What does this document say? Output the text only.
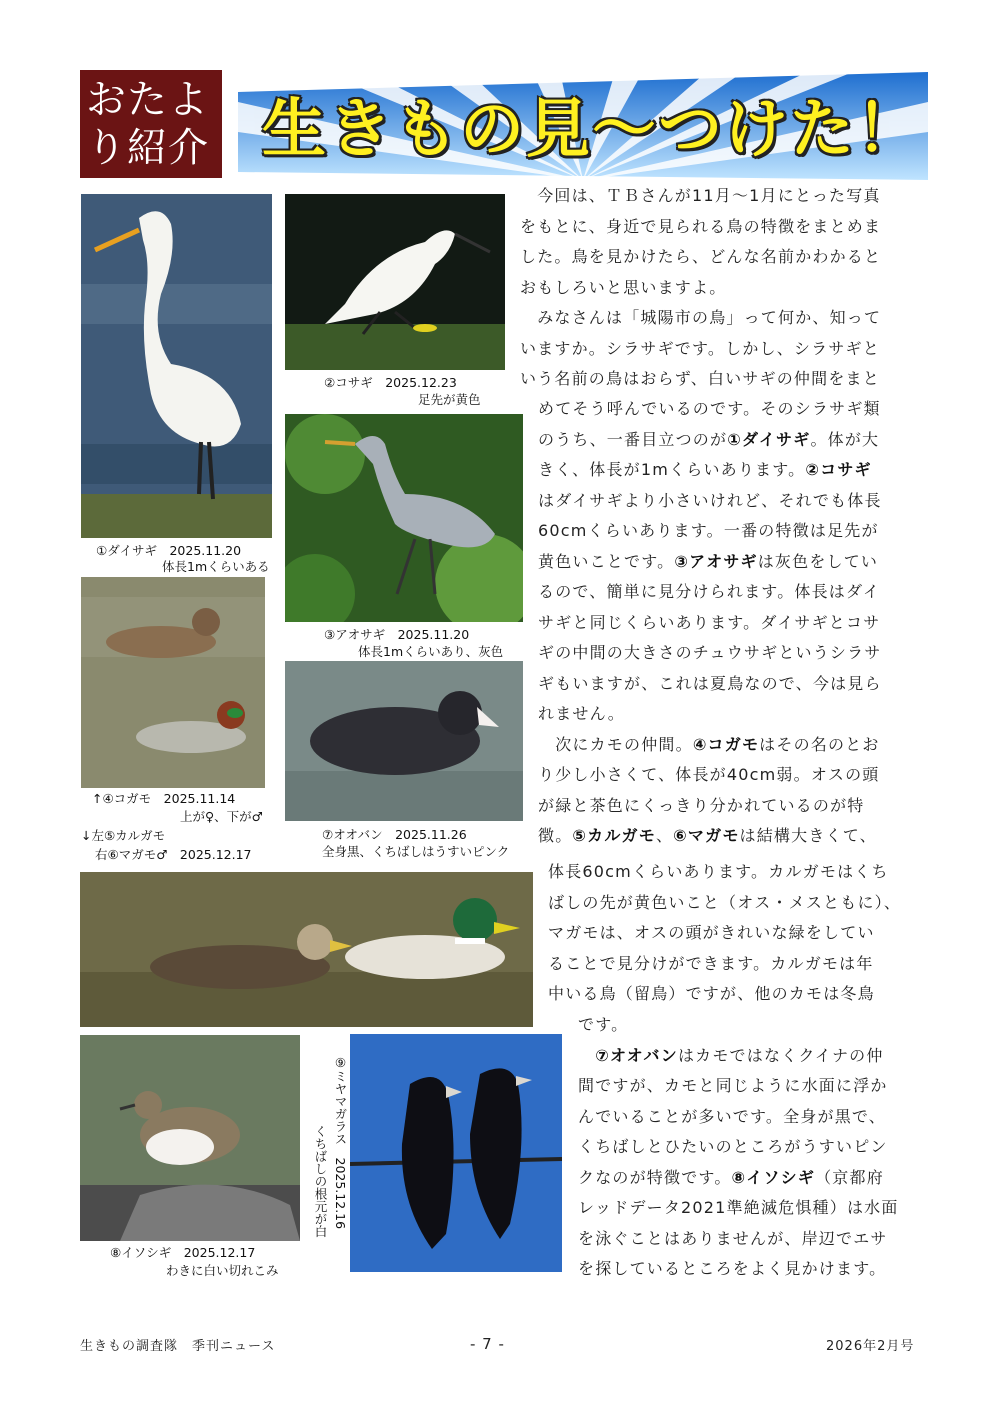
おたよ
り紹介 生きもの見～つけた！
①ダイサギ　2025.11.20
体長1mくらいある
②コサギ　2025.12.23
足先が黄色
③アオサギ　2025.11.20
体長1mくらいあり、灰色
↑④コガモ　2025.11.14
上が♀、下が♂
↓左⑤カルガモ
右⑥マガモ♂　2025.12.17
⑦オオバン　2025.11.26
全身黒、くちばしはうすいピンク
⑧イソシギ　2025.12.17
わきに白い切れこみ
⑨ミヤマガラス　2025.12.16
くちばしの根元が白

　今回は、ＴＢさんが11月～1月にとった写真

をもとに、身近で見られる鳥の特徴をまとめま

した。鳥を見かけたら、どんな名前かわかると

おもしろいと思いますよ。

　みなさんは「城陽市の鳥」って何か、知って

いますか。シラサギです。しかし、シラサギと

いう名前の鳥はおらず、白いサギの仲間をまと

めてそう呼んでいるのです。そのシラサギ類

のうち、一番目立つのが①ダイサギ。体が大

きく、体長が1mくらいあります。②コサギ

はダイサギより小さいけれど、それでも体長

60cmくらいあります。一番の特徴は足先が

黄色いことです。③アオサギは灰色をしてい

るので、簡単に見分けられます。体長はダイ

サギと同じくらいあります。ダイサギとコサ

ギの中間の大きさのチュウサギというシラサ

ギもいますが、これは夏鳥なので、今は見ら

れません。

　次にカモの仲間。④コガモはその名のとお

り少し小さくて、体長が40cm弱。オスの頭

が緑と茶色にくっきり分かれているのが特

徴。⑤カルガモ、⑥マガモは結構大きくて、

体長60cmくらいあります。カルガモはくち

ばしの先が黄色いこと（オス・メスともに）、

マガモは、オスの頭がきれいな緑をしてい

ることで見分けができます。カルガモは年

中いる鳥（留鳥）ですが、他のカモは冬鳥

です。

　⑦オオバンはカモではなくクイナの仲

間ですが、カモと同じように水面に浮か

んでいることが多いです。全身が黒で、

くちばしとひたいのところがうすいピン

クなのが特徴です。⑧イソシギ（京都府

レッドデータ2021準絶滅危惧種）は水面

を泳ぐことはありませんが、岸辺でエサ

を探しているところをよく見かけます。

生きもの調査隊　季刊ニュース	- 7 -	2026年2月号
